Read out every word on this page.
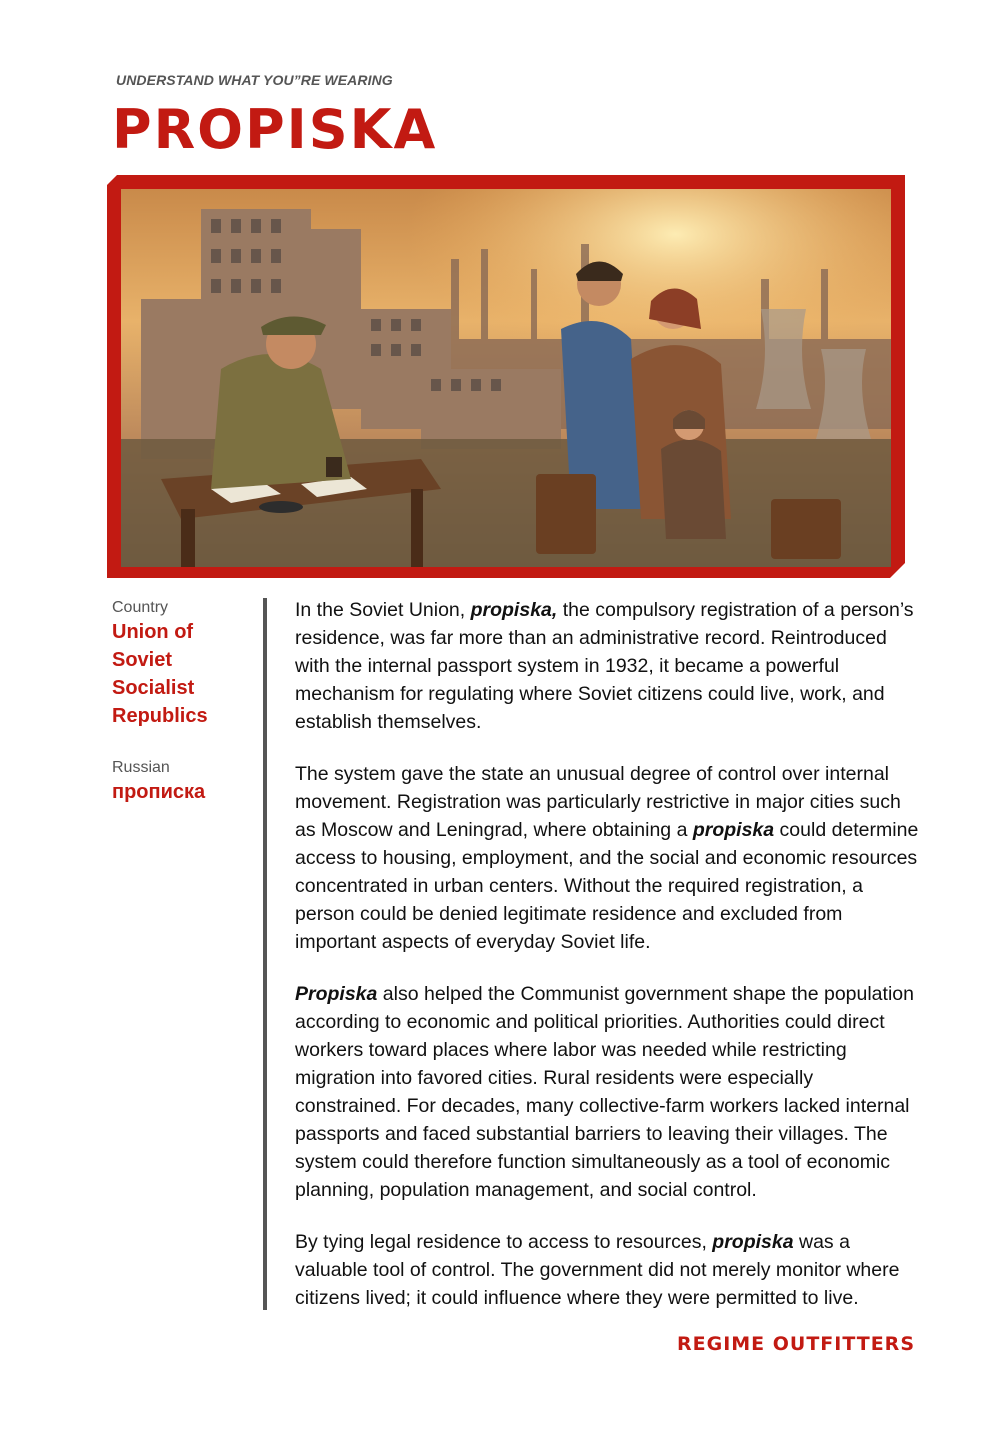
UNDERSTAND WHAT YOU”RE WEARING
PROPISKA
Country
Union of Soviet Socialist Republics
Russian
прописка

In the Soviet Union, propiska, the compulsory registration of a person’s residence, was far more than an administrative record. Reintroduced with the internal passport system in 1932, it became a powerful mechanism for regulating where Soviet citizens could live, work, and establish themselves.

The system gave the state an unusual degree of control over internal movement. Registration was particularly restrictive in major cities such as Moscow and Leningrad, where obtaining a propiska could determine access to housing, employment, and the social and economic resources concentrated in urban centers. Without the required registration, a person could be denied legitimate residence and excluded from important aspects of everyday Soviet life.

Propiska also helped the Communist government shape the population according to economic and political priorities. Authorities could direct workers toward places where labor was needed while restricting migration into favored cities. Rural residents were especially constrained. For decades, many collective-farm workers lacked internal passports and faced substantial barriers to leaving their villages. The system could therefore function simultaneously as a tool of economic planning, population management, and social control.

By tying legal residence to access to resources, propiska was a valuable tool of control. The government did not merely monitor where citizens lived; it could influence where they were permitted to live.

REGIME OUTFITTERS
